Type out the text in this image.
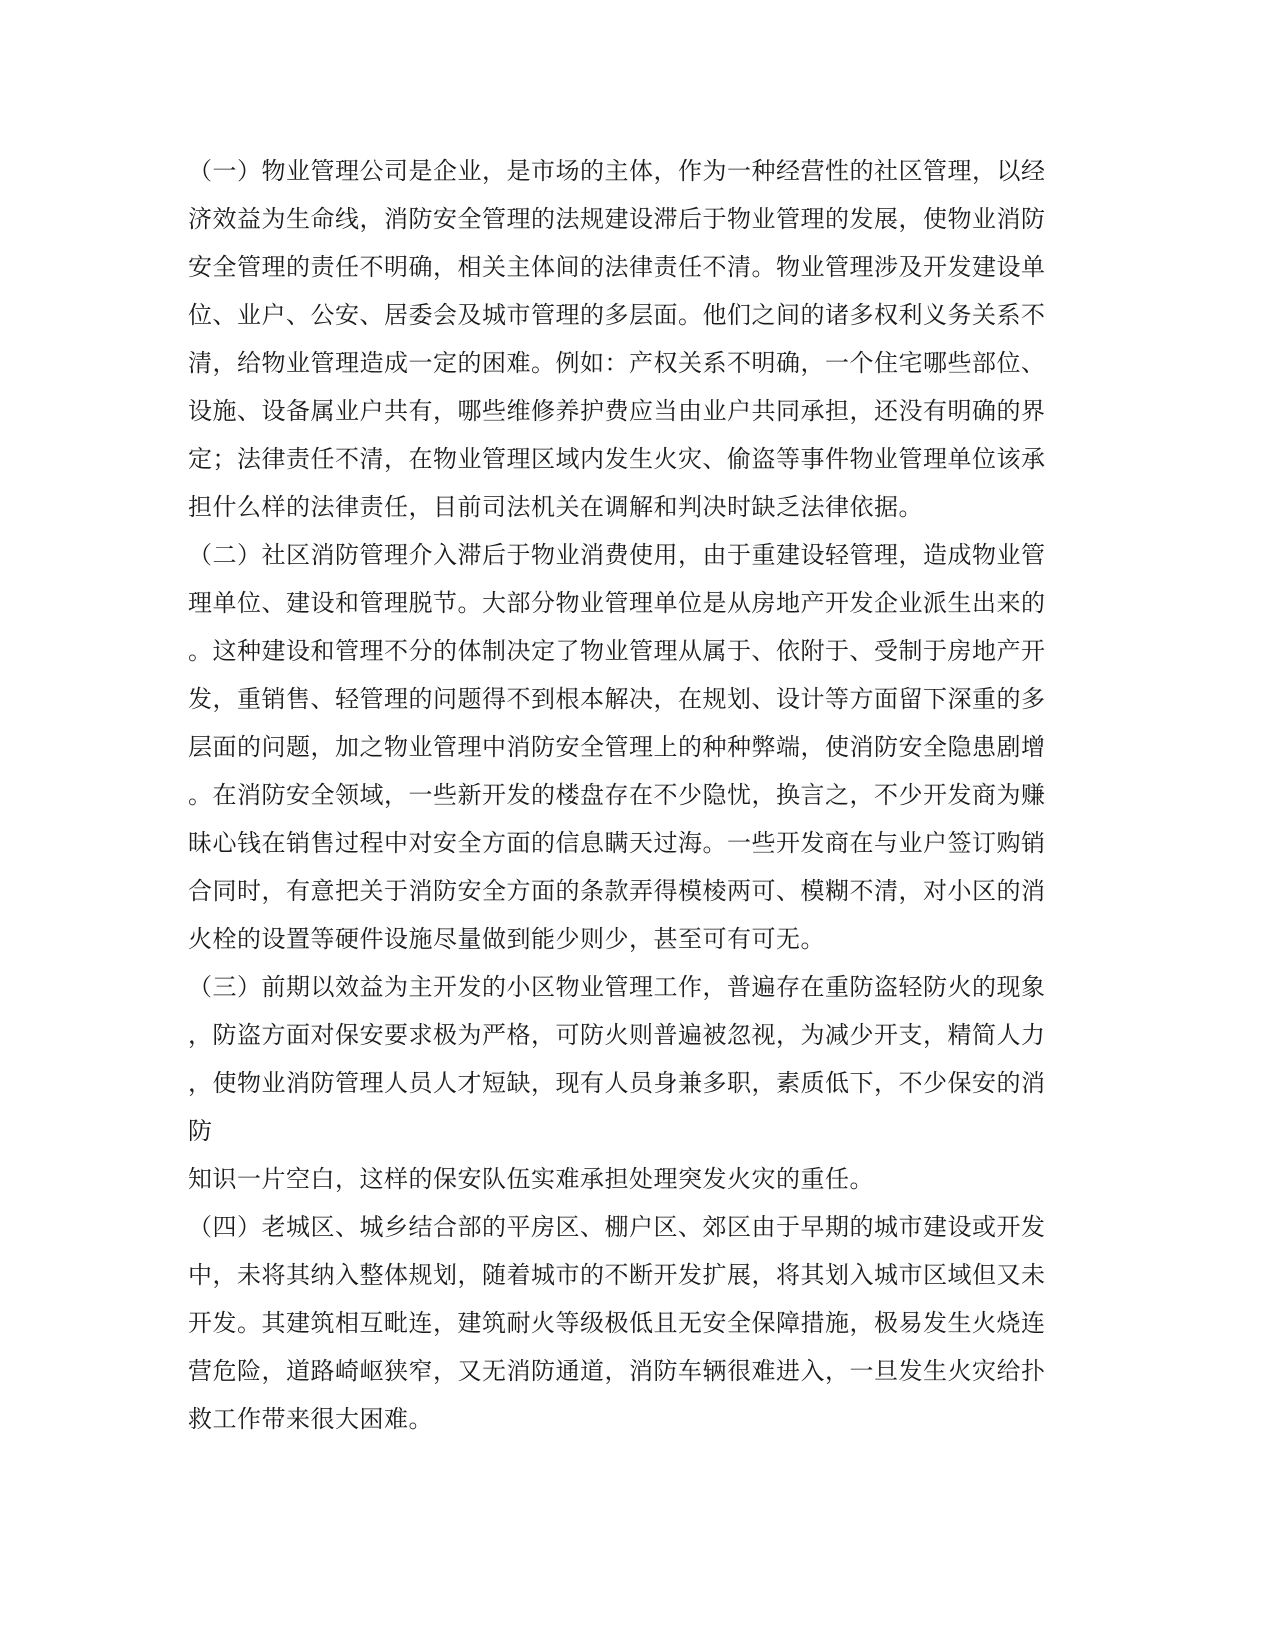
（一）物业管理公司是企业，是市场的主体，作为一种经营性的社区管理，以经
济效益为生命线，消防安全管理的法规建设滞后于物业管理的发展，使物业消防
安全管理的责任不明确，相关主体间的法律责任不清。物业管理涉及开发建设单
位、业户、公安、居委会及城市管理的多层面。他们之间的诸多权利义务关系不
清，给物业管理造成一定的困难。例如：产权关系不明确，一个住宅哪些部位、
设施、设备属业户共有，哪些维修养护费应当由业户共同承担，还没有明确的界
定；法律责任不清，在物业管理区域内发生火灾、偷盗等事件物业管理单位该承
担什么样的法律责任，目前司法机关在调解和判决时缺乏法律依据。
（二）社区消防管理介入滞后于物业消费使用，由于重建设轻管理，造成物业管
理单位、建设和管理脱节。大部分物业管理单位是从房地产开发企业派生出来的
。这种建设和管理不分的体制决定了物业管理从属于、依附于、受制于房地产开
发，重销售、轻管理的问题得不到根本解决，在规划、设计等方面留下深重的多
层面的问题，加之物业管理中消防安全管理上的种种弊端，使消防安全隐患剧增
。在消防安全领域，一些新开发的楼盘存在不少隐忧，换言之，不少开发商为赚
昧心钱在销售过程中对安全方面的信息瞒天过海。一些开发商在与业户签订购销
合同时，有意把关于消防安全方面的条款弄得模棱两可、模糊不清，对小区的消
火栓的设置等硬件设施尽量做到能少则少，甚至可有可无。
（三）前期以效益为主开发的小区物业管理工作，普遍存在重防盗轻防火的现象
，防盗方面对保安要求极为严格，可防火则普遍被忽视，为减少开支，精简人力
，使物业消防管理人员人才短缺，现有人员身兼多职，素质低下，不少保安的消
防
知识一片空白，这样的保安队伍实难承担处理突发火灾的重任。
（四）老城区、城乡结合部的平房区、棚户区、郊区由于早期的城市建设或开发
中，未将其纳入整体规划，随着城市的不断开发扩展，将其划入城市区域但又未
开发。其建筑相互毗连，建筑耐火等级极低且无安全保障措施，极易发生火烧连
营危险，道路崎岖狭窄，又无消防通道，消防车辆很难进入，一旦发生火灾给扑
救工作带来很大困难。
